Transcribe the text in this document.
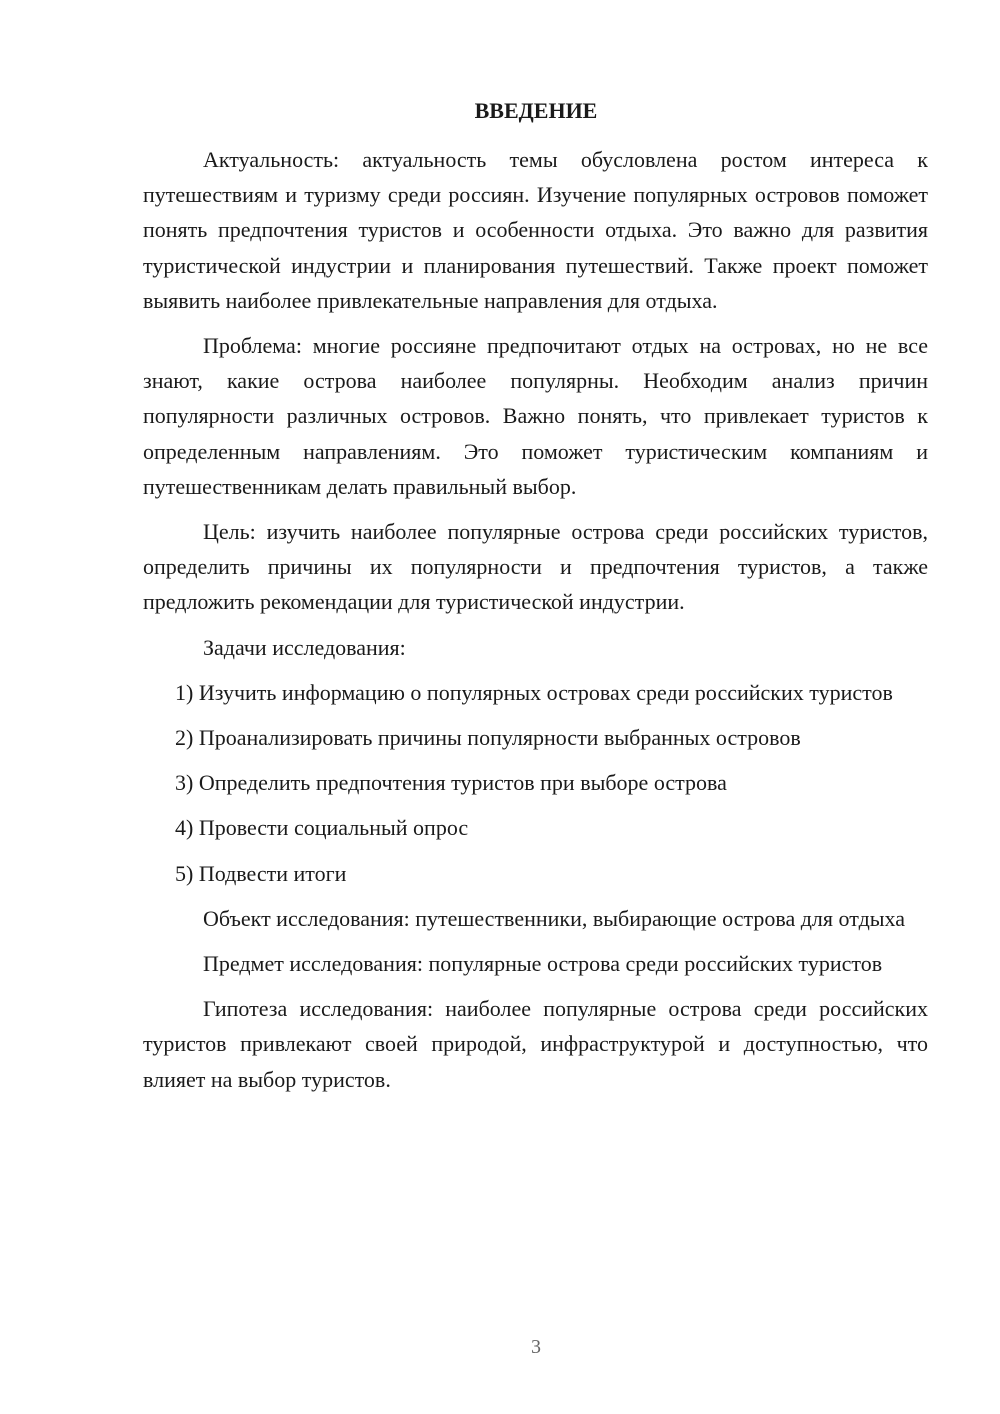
ВВЕДЕНИЕ

Актуальность: актуальность темы обусловлена ростом интереса к путешествиям и туризму среди россиян. Изучение популярных островов поможет понять предпочтения туристов и особенности отдыха. Это важно для развития туристической индустрии и планирования путешествий. Также проект поможет выявить наиболее привлекательные направления для отдыха.

Проблема: многие россияне предпочитают отдых на островах, но не все знают, какие острова наиболее популярны. Необходим анализ причин популярности различных островов. Важно понять, что привлекает туристов к определенным направлениям. Это поможет туристическим компаниям и путешественникам делать правильный выбор.

Цель: изучить наиболее популярные острова среди российских туристов, определить причины их популярности и предпочтения туристов, а также предложить рекомендации для туристической индустрии.

Задачи исследования:

1) Изучить информацию о популярных островах среди российских туристов

2) Проанализировать причины популярности выбранных островов

3) Определить предпочтения туристов при выборе острова

4) Провести социальный опрос

5) Подвести итоги

Объект исследования: путешественники, выбирающие острова для отдыха

Предмет исследования: популярные острова среди российских туристов

Гипотеза исследования: наиболее популярные острова среди российских туристов привлекают своей природой, инфраструктурой и доступностью, что влияет на выбор туристов.

3
